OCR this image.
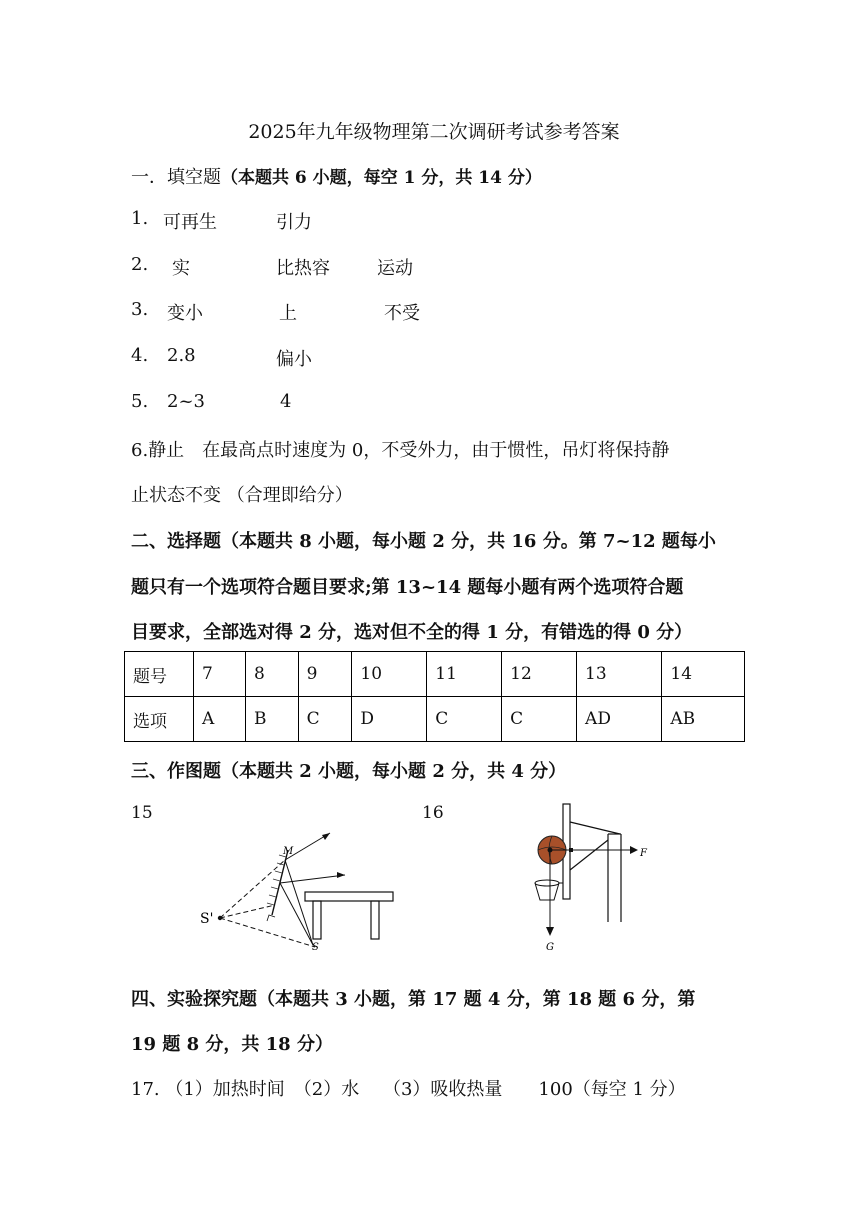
2025年九年级物理第二次调研考试参考答案
一．填空题（本题共 6 小题，每空 1 分，共 14 分）
1. 可再生	引力
2. 实	比热容	运动
3. 变小	上	不受
4. 2.8	偏小
5. 2~3	4
6.静止　在最高点时速度为 0，不受外力，由于惯性，吊灯将保持静
止状态不变 （合理即给分）
二、选择题（本题共 8 小题，每小题 2 分，共 16 分。第 7~12 题每小
题只有一个选项符合题目要求;第 13~14 题每小题有两个选项符合题
目要求，全部选对得 2 分，选对但不全的得 1 分，有错选的得 0 分）
题号	7	8	9	10	11	12	13	14
选项	A	B	C	D	C	C	AD	AB
三、作图题（本题共 2 小题，每小题 2 分，共 4 分）
15	16
M
S'
S
F
G
四、实验探究题（本题共 3 小题，第 17 题 4 分，第 18 题 6 分，第
19 题 8 分，共 18 分）
17. （1）加热时间　（2）水　 （3）吸收热量　　100（每空 1 分）
